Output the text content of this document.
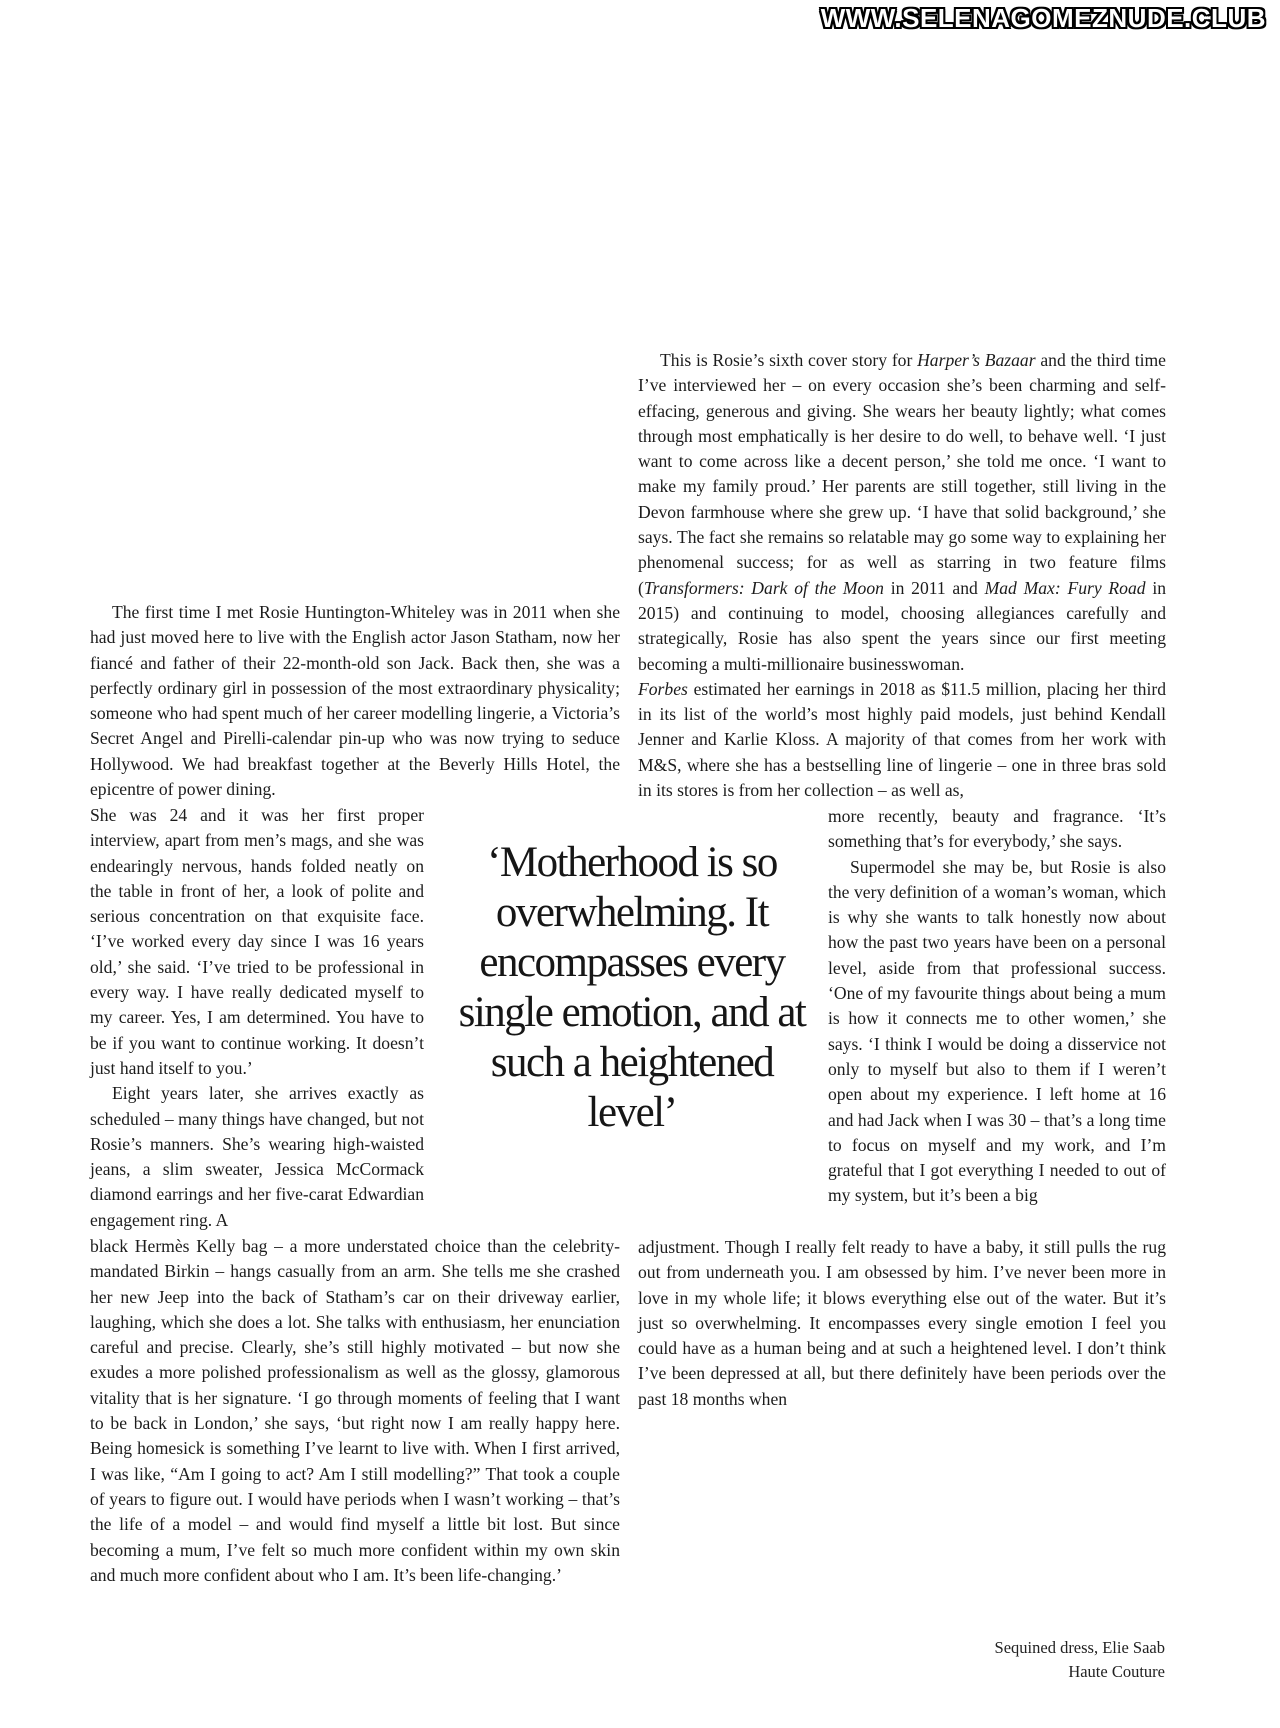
WWW.SELENAGOMEZNUDE.CLUB

The first time I met Rosie Huntington-Whiteley was in 2011 when she had just moved here to live with the English actor Jason Statham, now her fiancé and father of their 22-month-old son Jack. Back then, she was a perfectly ordinary girl in possession of the most extraordinary physicality; someone who had spent much of her career modelling lingerie, a Victoria’s Secret Angel and Pirelli-calendar pin-up who was now trying to seduce Hollywood. We had breakfast together at the Beverly Hills Hotel, the epicentre of power dining.

She was 24 and it was her first proper interview, apart from men’s mags, and she was endearingly nervous, hands folded neatly on the table in front of her, a look of polite and serious concentration on that exquisite face. ‘I’ve worked every day since I was 16 years old,’ she said. ‘I’ve tried to be professional in every way. I have really dedicated myself to my career. Yes, I am determined. You have to be if you want to continue working. It doesn’t just hand itself to you.’

Eight years later, she arrives exactly as scheduled – many things have changed, but not Rosie’s manners. She’s wearing high-waisted jeans, a slim sweater, Jessica McCormack diamond earrings and her five-carat Edwardian engagement ring. A

black Hermès Kelly bag – a more understated choice than the celebrity-mandated Birkin – hangs casually from an arm. She tells me she crashed her new Jeep into the back of Statham’s car on their driveway earlier, laughing, which she does a lot. She talks with enthusiasm, her enunciation careful and precise. Clearly, she’s still highly motivated – but now she exudes a more polished professionalism as well as the glossy, glamorous vitality that is her signature. ‘I go through moments of feeling that I want to be back in London,’ she says, ‘but right now I am really happy here. Being homesick is something I’ve learnt to live with. When I first arrived, I was like, “Am I going to act? Am I still modelling?” That took a couple of years to figure out. I would have periods when I wasn’t working – that’s the life of a model – and would find myself a little bit lost. But since becoming a mum, I’ve felt so much more confident within my own skin and much more confident about who I am. It’s been life-changing.’

This is Rosie’s sixth cover story for Harper’s Bazaar and the third time I’ve interviewed her – on every occasion she’s been charming and self-effacing, generous and giving. She wears her beauty lightly; what comes through most emphatically is her desire to do well, to behave well. ‘I just want to come across like a decent person,’ she told me once. ‘I want to make my family proud.’ Her parents are still together, still living in the Devon farmhouse where she grew up. ‘I have that solid background,’ she says. The fact she remains so relatable may go some way to explaining her phenomenal success; for as well as starring in two feature films (Transformers: Dark of the Moon in 2011 and Mad Max: Fury Road in 2015) and continuing to model, choosing allegiances carefully and strategically, Rosie has also spent the years since our first meeting becoming a multi-millionaire businesswoman.

Forbes estimated her earnings in 2018 as $11.5 million, placing her third in its list of the world’s most highly paid models, just behind Kendall Jenner and Karlie Kloss. A majority of that comes from her work with M&S, where she has a bestselling line of lingerie – one in three bras sold in its stores is from her collection – as well as,

‘Motherhood is so overwhelming. It encompasses every single emotion, and at such a heightened level’

more recently, beauty and fragrance. ‘It’s something that’s for everybody,’ she says.

Supermodel she may be, but Rosie is also the very definition of a woman’s woman, which is why she wants to talk honestly now about how the past two years have been on a personal level, aside from that professional success. ‘One of my favourite things about being a mum is how it connects me to other women,’ she says. ‘I think I would be doing a disservice not only to myself but also to them if I weren’t open about my experience. I left home at 16 and had Jack when I was 30 – that’s a long time to focus on myself and my work, and I’m grateful that I got everything I needed to out of my system, but it’s been a big

adjustment. Though I really felt ready to have a baby, it still pulls the rug out from underneath you. I am obsessed by him. I’ve never been more in love in my whole life; it blows everything else out of the water. But it’s just so overwhelming. It encompasses every single emotion I feel you could have as a human being and at such a heightened level. I don’t think I’ve been depressed at all, but there definitely have been periods over the past 18 months when

Sequined dress, Elie Saab
Haute Couture
